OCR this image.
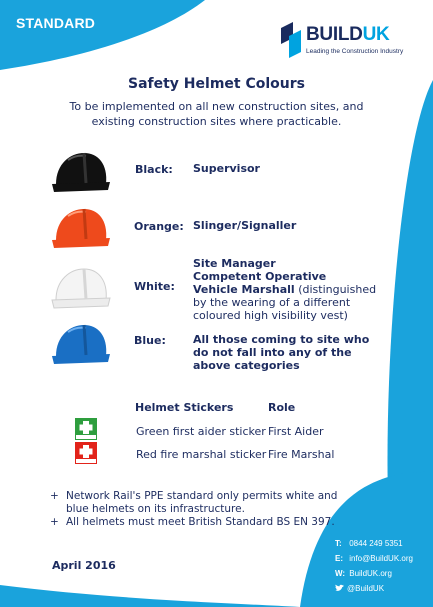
STANDARD
BUILDUK
Leading the Construction Industry
Safety Helmet Colours
To be implemented on all new construction sites, and existing construction sites where practicable.
Black: Supervisor
Orange: Slinger/Signaller
White:
Site Manager
Competent Operative
Vehicle Marshall (distinguished by the wearing of a different coloured high visibility vest)
Blue: All those coming to site who do not fall into any of the above categories
Helmet Stickers	Role
Green first aider sticker First Aider
Red fire marshal sticker Fire Marshal
+ Network Rail's PPE standard only permits white and blue helmets on its infrastructure.
+ All helmets must meet British Standard BS EN 397.
April 2016
T: 0844 249 5351
E: info@BuildUK.org
W: BuildUK.org
@BuildUK
